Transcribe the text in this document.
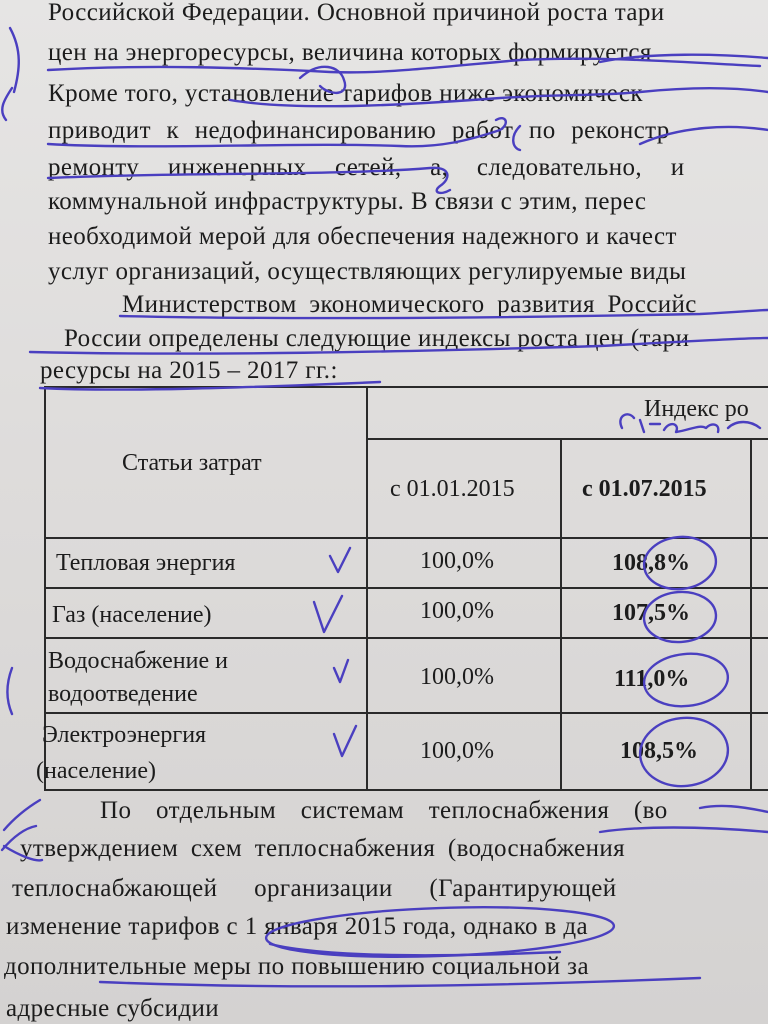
Российской Федерации. Основной причиной роста тари
цен на энергоресурсы, величина которых формируется
Кроме того, установление тарифов ниже экономическ
приводит к недофинансированию работ по реконстр
ремонту инженерных сетей, а, следовательно, и
коммунальной инфраструктуры. В связи с этим, перес
необходимой мерой для обеспечения надежного и качест
услуг организаций, осуществляющих регулируемые виды
Министерством экономического развития Российс
России определены следующие индексы роста цен (тари
ресурсы на 2015 – 2017 гг.:
Индекс ро
Статьи затрат
с 01.01.2015	с 01.07.2015
Тепловая энергия	100,0%	108,8%
Газ (население)	100,0%	107,5%
Водоснабжение и
водоотведение
100,0%	111,0%
Электроэнергия
(население)
100,0%	108,5%
По отдельным системам теплоснабжения (во
утверждением схем теплоснабжения (водоснабжения
теплоснабжающей организации (Гарантирующей
изменение тарифов с 1 января 2015 года, однако в да
дополнительные меры по повышению социальной за
адресные субсидии
